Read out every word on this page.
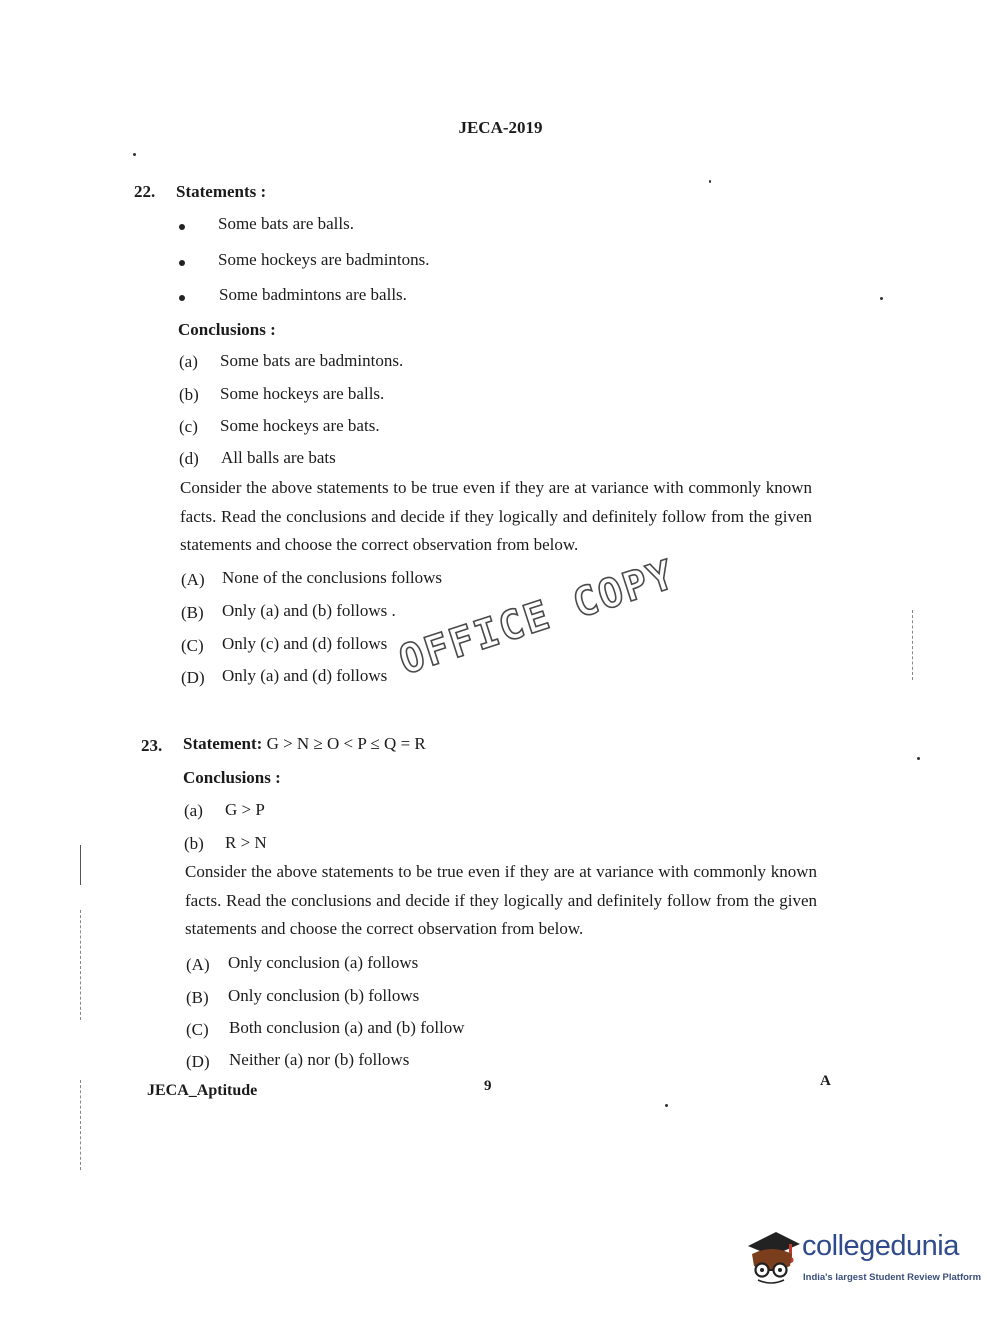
JECA-2019
22. Statements :
Some bats are balls.
Some hockeys are badmintons.
Some badmintons are balls.
Conclusions :
(a) Some bats are badmintons.
(b) Some hockeys are balls.
(c) Some hockeys are bats.
(d) All balls are bats
Consider the above statements to be true even if they are at variance with commonly known facts. Read the conclusions and decide if they logically and definitely follow from the given statements and choose the correct observation from below.
(A) None of the conclusions follows
(B) Only (a) and (b) follows .
(C) Only (c) and (d) follows
(D) Only (a) and (d) follows OFFICE COPY
23. Statement: G > N ≥ O < P ≤ Q = R
Conclusions :
(a) G > P
(b) R > N
Consider the above statements to be true even if they are at variance with commonly known facts. Read the conclusions and decide if they logically and definitely follow from the given statements and choose the correct observation from below.
(A) Only conclusion (a) follows
(B) Only conclusion (b) follows
(C) Both conclusion (a) and (b) follow
(D) Neither (a) nor (b) follows
JECA_Aptitude	9	A
collegedunia
India's largest Student Review Platform
